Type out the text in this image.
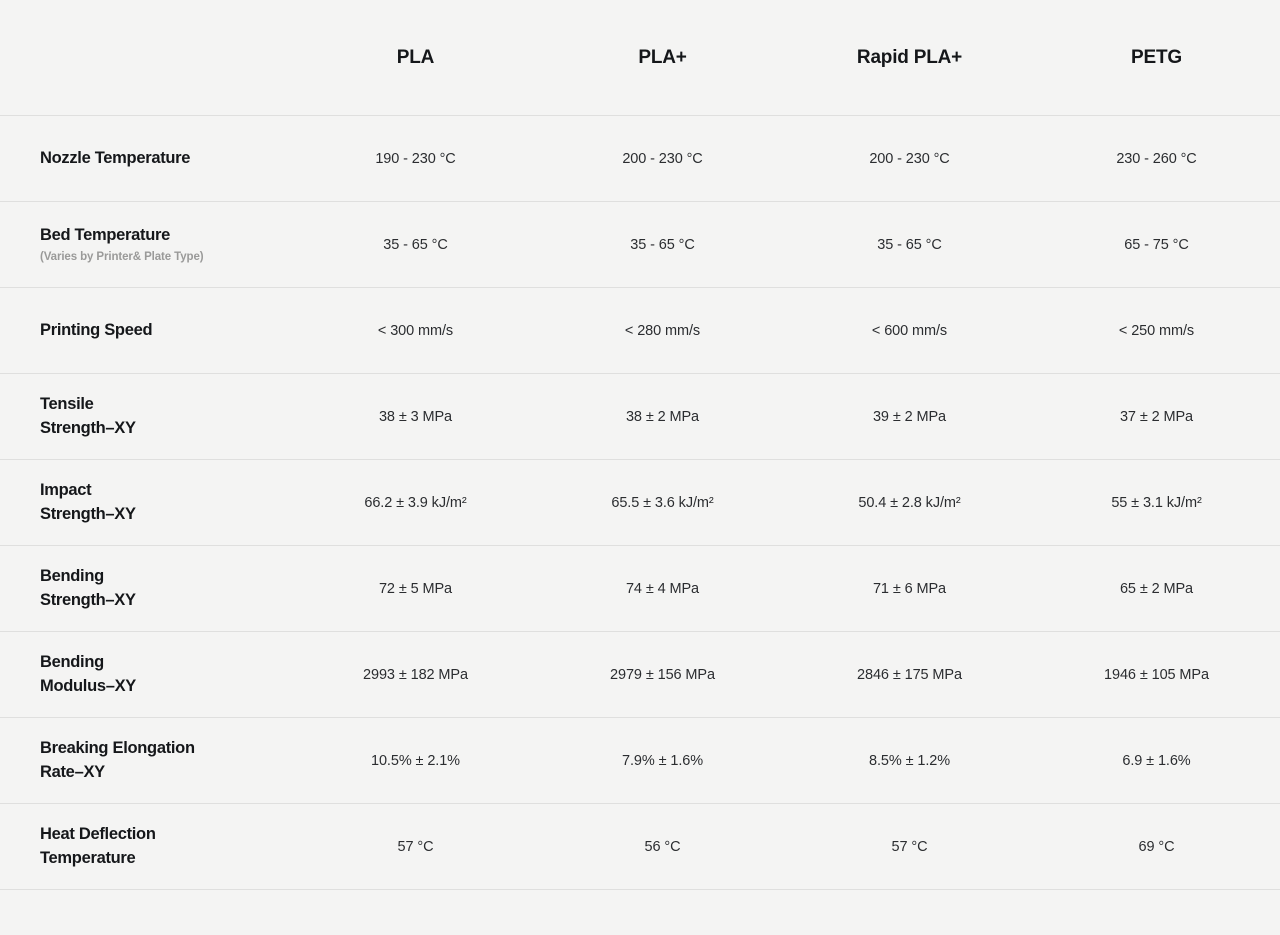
	PLA	PLA+	Rapid PLA+	PETG

Nozzle Temperature	190 - 230 °C	200 - 230 °C	200 - 230 °C	230 - 260 °C

Bed Temperature
(Varies by Printer& Plate Type)	35 - 65 °C	35 - 65 °C	35 - 65 °C	65 - 75 °C

Printing Speed	< 300 mm/s	< 280 mm/s	< 600 mm/s	< 250 mm/s

Tensile
Strength–XY	38 ± 3 MPa	38 ± 2 MPa	39 ± 2 MPa	37 ± 2 MPa

Impact
Strength–XY	66.2 ± 3.9 kJ/m²	65.5 ± 3.6 kJ/m²	50.4 ± 2.8 kJ/m²	55 ± 3.1 kJ/m²

Bending
Strength–XY	72 ± 5 MPa	74 ± 4 MPa	71 ± 6 MPa	65 ± 2 MPa

Bending
Modulus–XY	2993 ± 182 MPa	2979 ± 156 MPa	2846 ± 175 MPa	1946 ± 105 MPa

Breaking Elongation
Rate–XY	10.5% ± 2.1%	7.9% ± 1.6%	8.5% ± 1.2%	6.9 ± 1.6%

Heat Deflection
Temperature	57 °C	56 °C	57 °C	69 °C
